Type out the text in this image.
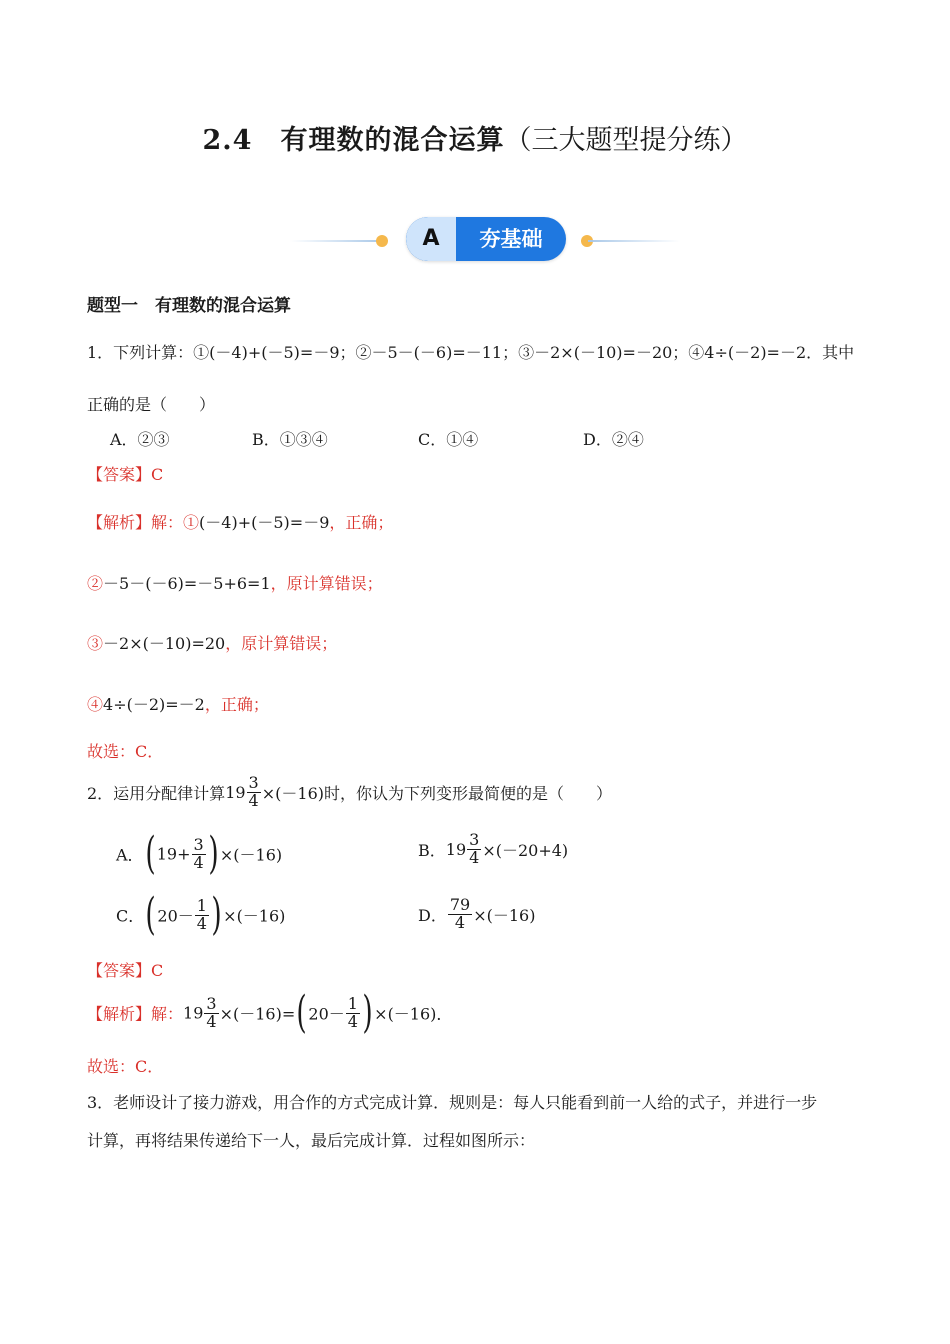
2.4　有理数的混合运算（三大题型提分练）
A	夯基础
题型一　有理数的混合运算
1．下列计算：①(－4)+(－5)=－9；②－5－(－6)=－11；③－2×(－10)=－20；④4÷(－2)=－2．其中
正确的是（　　）
A．②③	B．①③④	C．①④	D．②④
【答案】C
【解析】解：①(－4)+(－5)=－9，正确；
②－5－(－6)=－5+6=1，原计算错误；
③－2×(－10)=20，原计算错误；
④4÷(－2)=－2，正确；
故选：C．
2．运用分配律计算$19 \frac{3}{4} \times(-16)$时，你认为下列变形最简便的是（　　）
A．$(19+ \frac{3}{4} )\times(-16)$	B．$19 \frac{3}{4} \times(-20+4)$
C．$(20- \frac{1}{4} )\times(-16)$	D． $\frac{79}{4} \times(-16)$
【答案】C
【解析】解：$19 \frac{3}{4} \times(-16)=(20- \frac{1}{4} )\times(-16)$．
故选：C．
3．老师设计了接力游戏，用合作的方式完成计算．规则是：每人只能看到前一人给的式子，并进行一步
计算，再将结果传递给下一人，最后完成计算．过程如图所示：
